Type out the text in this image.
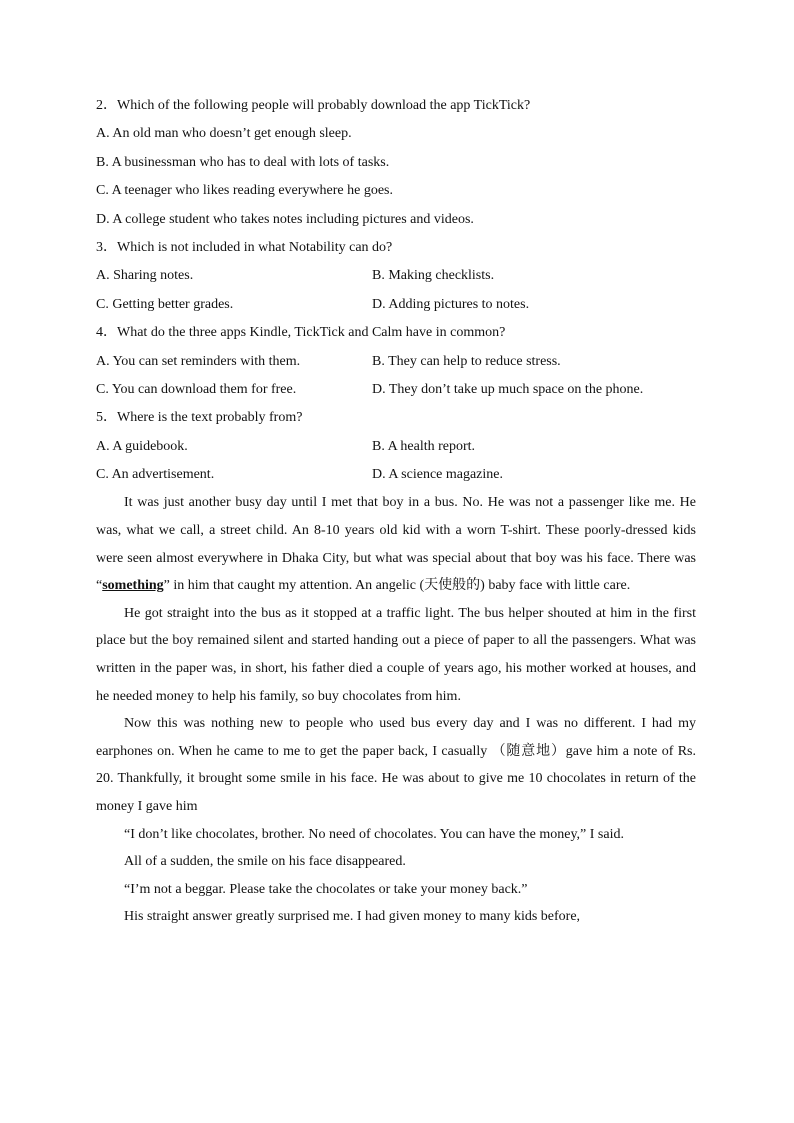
2．Which of the following people will probably download the app TickTick?
A. An old man who doesn’t get enough sleep.
B. A businessman who has to deal with lots of tasks.
C. A teenager who likes reading everywhere he goes.
D. A college student who takes notes including pictures and videos.
3．Which is not included in what Notability can do?
A. Sharing notes.	B. Making checklists.
C. Getting better grades.	D. Adding pictures to notes.
4．What do the three apps Kindle, TickTick and Calm have in common?
A. You can set reminders with them.	B. They can help to reduce stress.
C. You can download them for free.	D. They don’t take up much space on the phone.
5．Where is the text probably from?
A. A guidebook.	B. A health report.
C. An advertisement.	D. A science magazine.

It was just another busy day until I met that boy in a bus. No. He was not a passenger like me. He was, what we call, a street child. An 8-10 years old kid with a worn T-shirt. These poorly-dressed kids were seen almost everywhere in Dhaka City, but what was special about that boy was his face. There was “something” in him that caught my attention. An angelic (天使般的) baby face with little care.

He got straight into the bus as it stopped at a traffic light. The bus helper shouted at him in the first place but the boy remained silent and started handing out a piece of paper to all the passengers. What was written in the paper was, in short, his father died a couple of years ago, his mother worked at houses, and he needed money to help his family, so buy chocolates from him.

Now this was nothing new to people who used bus every day and I was no different. I had my earphones on. When he came to me to get the paper back, I casually （随意地）gave him a note of Rs. 20. Thankfully, it brought some smile in his face. He was about to give me 10 chocolates in return of the money I gave him

“I don’t like chocolates, brother. No need of chocolates. You can have the money,” I said.

All of a sudden, the smile on his face disappeared.

“I’m not a beggar. Please take the chocolates or take your money back.”

His straight answer greatly surprised me. I had given money to many kids before,
